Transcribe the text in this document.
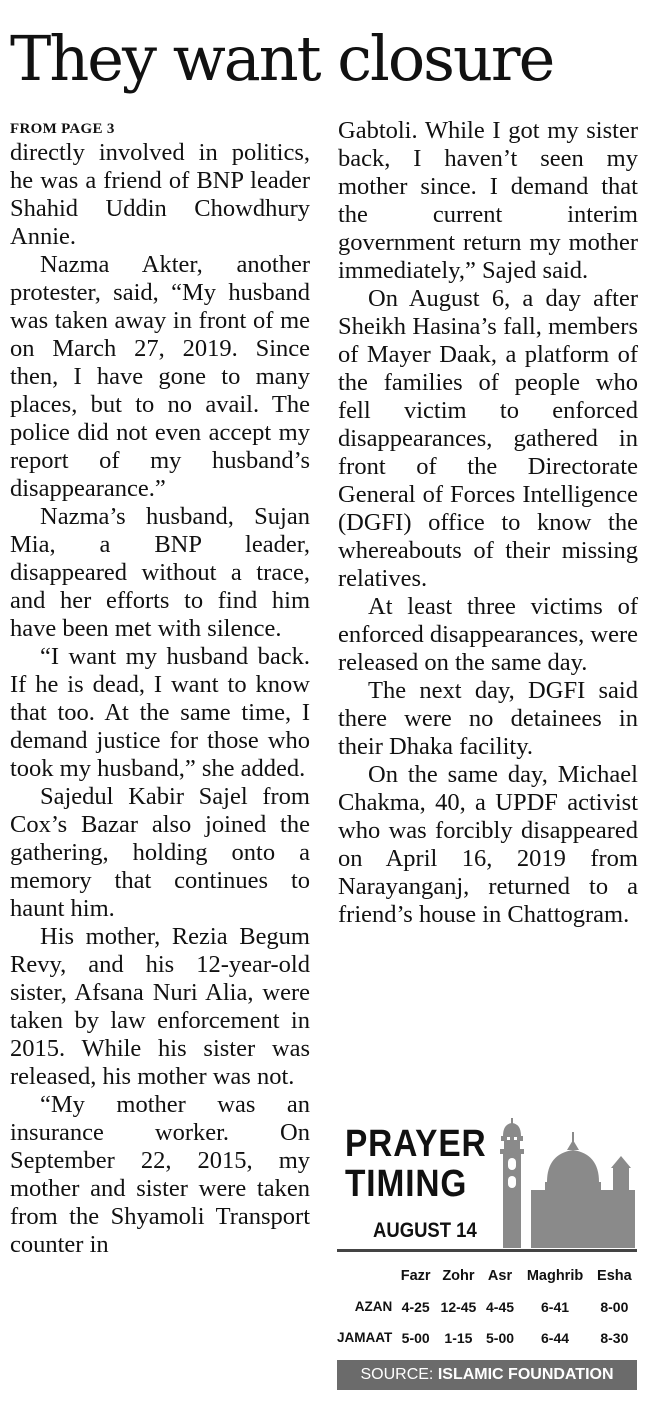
They want closure
FROM PAGE 3

directly involved in politics, he was a friend of BNP leader Shahid Uddin Chowdhury Annie.

Nazma Akter, another protester, said, “My husband was taken away in front of me on March 27, 2019. Since then, I have gone to many places, but to no avail. The police did not even accept my report of my husband’s disappearance.”

Nazma’s husband, Sujan Mia, a BNP leader, disappeared without a trace, and her efforts to find him have been met with silence.

“I want my husband back. If he is dead, I want to know that too. At the same time, I demand justice for those who took my husband,” she added.

Sajedul Kabir Sajel from Cox’s Bazar also joined the gathering, holding onto a memory that continues to haunt him.

His mother, Rezia Begum Revy, and his 12-year-old sister, Afsana Nuri Alia, were taken by law enforcement in 2015. While his sister was released, his mother was not.

“My mother was an insurance worker. On September 22, 2015, my mother and sister were taken from the Shyamoli Transport counter in

Gabtoli. While I got my sister back, I haven’t seen my mother since. I demand that the current interim government return my mother immediately,” Sajed said.

On August 6, a day after Sheikh Hasina’s fall, members of Mayer Daak, a platform of the families of people who fell victim to enforced disappearances, gathered in front of the Directorate General of Forces Intelligence (DGFI) office to know the whereabouts of their missing relatives.

At least three victims of enforced disappearances, were released on the same day.

The next day, DGFI said there were no detainees in their Dhaka facility.

On the same day, Michael Chakma, 40, a UPDF activist who was forcibly disappeared on April 16, 2019 from Narayanganj, returned to a friend’s house in Chattogram.

PRAYER
TIMING
AUGUST 14
	Fazr	Zohr	Asr	Maghrib	Esha
AZAN	4-25	12-45	4-45	6-41	8-00
JAMAAT	5-00	1-15	5-00	6-44	8-30
SOURCE: ISLAMIC FOUNDATION
